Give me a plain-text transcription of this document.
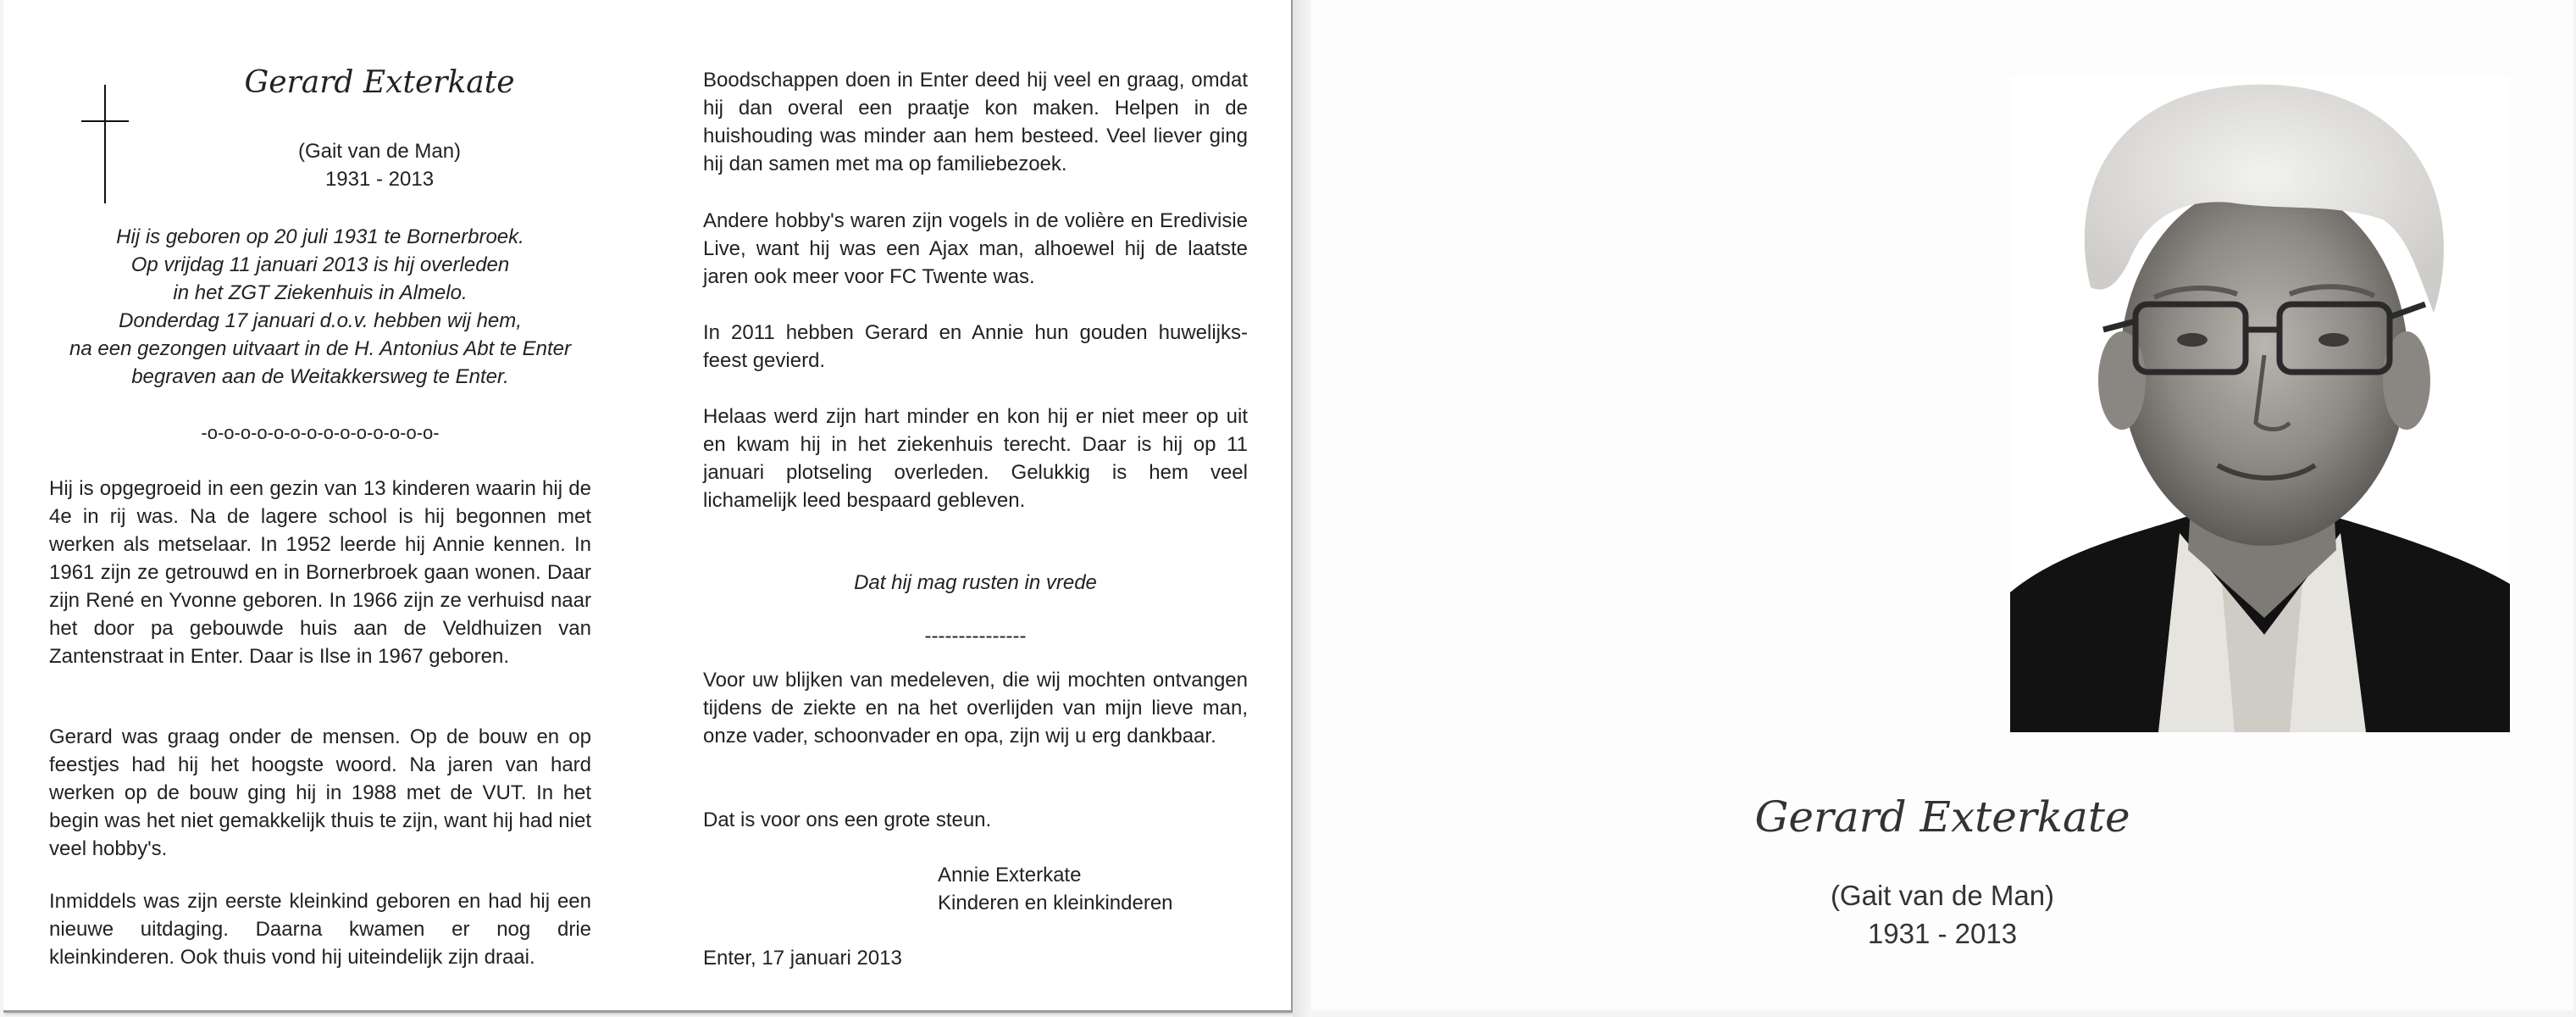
Gerard Exterkate
(Gait van de Man)
1931 - 2013
Hij is geboren op 20 juli 1931 te Bornerbroek.
Op vrijdag 11 januari 2013 is hij overleden
in het ZGT Ziekenhuis in Almelo.
Donderdag 17 januari d.o.v. hebben wij hem,
na een gezongen uitvaart in de H. Antonius Abt te Enter
begraven aan de Weitakkersweg te Enter.
-o-o-o-o-o-o-o-o-o-o-o-o-o-o-

Hij is opgegroeid in een gezin van 13 kinderen waarin hij de 4e in rij was. Na de lagere school is hij begonnen met werken als metselaar. In 1952 leerde hij Annie kennen. In 1961 zijn ze getrouwd en in Bornerbroek gaan wonen. Daar zijn René en Yvonne geboren. In 1966 zijn ze verhuisd naar het door pa gebouwde huis aan de Veldhuizen van Zantenstraat in Enter. Daar is Ilse in 1967 geboren.

Gerard was graag onder de mensen. Op de bouw en op feestjes had hij het hoogste woord. Na jaren van hard werken op de bouw ging hij in 1988 met de VUT. In het begin was het niet gemakkelijk thuis te zijn, want hij had niet veel hobby's.

Inmiddels was zijn eerste kleinkind geboren en had hij een nieuwe uitdaging. Daarna kwamen er nog drie kleinkinderen. Ook thuis vond hij uiteindelijk zijn draai.

Boodschappen doen in Enter deed hij veel en graag, omdat hij dan overal een praatje kon maken. Helpen in de huishouding was minder aan hem besteed. Veel liever ging hij dan samen met ma op familiebezoek.

Andere hobby's waren zijn vogels in de volière en Eredivisie Live, want hij was een Ajax man, alhoewel hij de laatste jaren ook meer voor FC Twente was.

In 2011 hebben Gerard en Annie hun gouden huwelijks-feest gevierd.

Helaas werd zijn hart minder en kon hij er niet meer op uit en kwam hij in het ziekenhuis terecht. Daar is hij op 11 januari plotseling overleden. Gelukkig is hem veel lichamelijk leed bespaard gebleven.

Dat hij mag rusten in vrede
---------------

Voor uw blijken van medeleven, die wij mochten ontvangen tijdens de ziekte en na het overlijden van mijn lieve man, onze vader, schoonvader en opa, zijn wij u erg dankbaar.

Dat is voor ons een grote steun.
Annie Exterkate
Kinderen en kleinkinderen
Enter, 17 januari 2013
Gerard Exterkate
(Gait van de Man)
1931 - 2013
